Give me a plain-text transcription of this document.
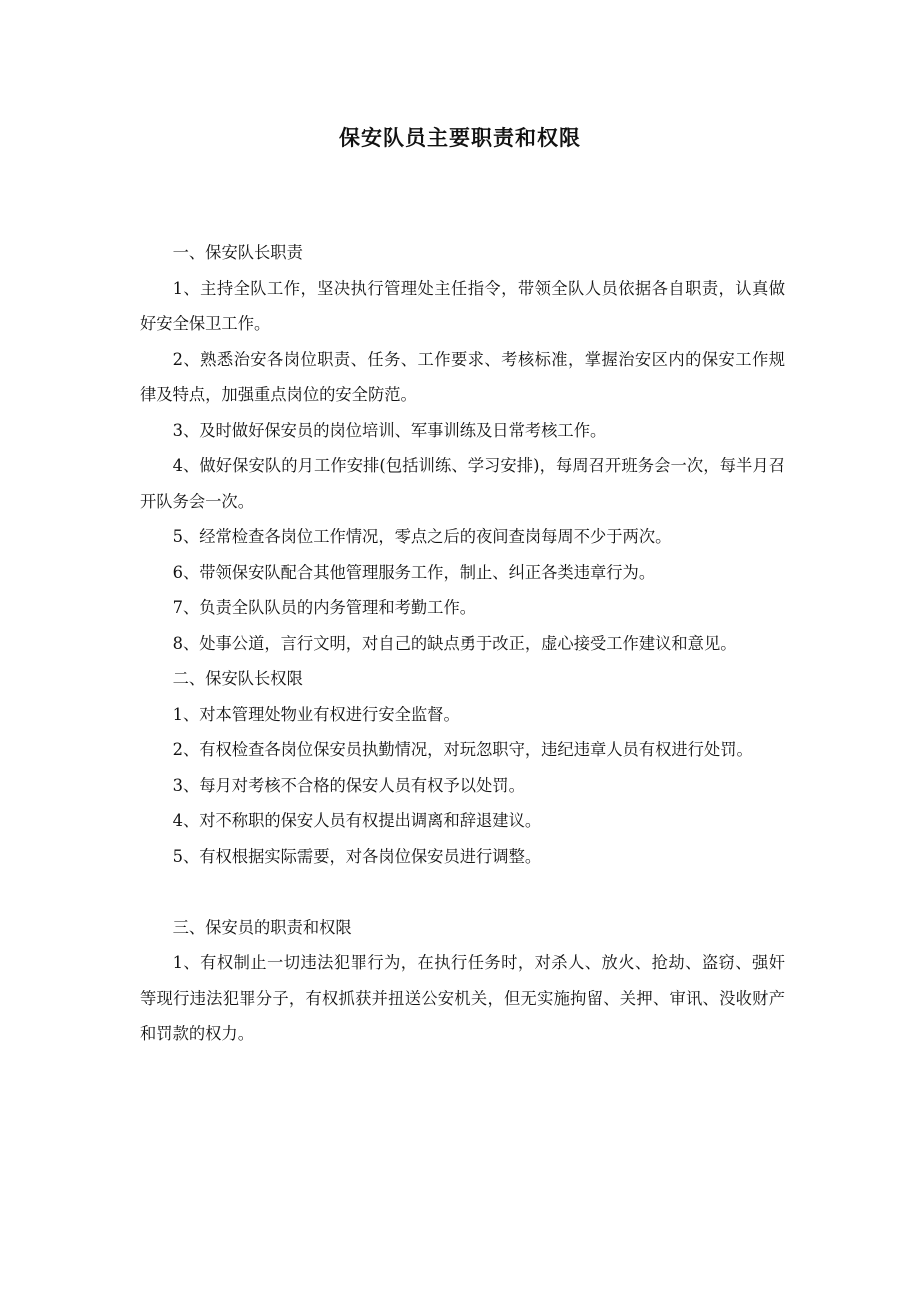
保安队员主要职责和权限

一、保安队长职责

1、主持全队工作，坚决执行管理处主任指令，带领全队人员依据各自职责，认真做好安全保卫工作。

2、熟悉治安各岗位职责、任务、工作要求、考核标准，掌握治安区内的保安工作规律及特点，加强重点岗位的安全防范。

3、及时做好保安员的岗位培训、军事训练及日常考核工作。

4、做好保安队的月工作安排(包括训练、学习安排)，每周召开班务会一次，每半月召开队务会一次。

5、经常检查各岗位工作情况，零点之后的夜间查岗每周不少于两次。

6、带领保安队配合其他管理服务工作，制止、纠正各类违章行为。

7、负责全队队员的内务管理和考勤工作。

8、处事公道，言行文明，对自己的缺点勇于改正，虚心接受工作建议和意见。

二、保安队长权限

1、对本管理处物业有权进行安全监督。

2、有权检查各岗位保安员执勤情况，对玩忽职守，违纪违章人员有权进行处罚。

3、每月对考核不合格的保安人员有权予以处罚。

4、对不称职的保安人员有权提出调离和辞退建议。

5、有权根据实际需要，对各岗位保安员进行调整。

三、保安员的职责和权限

1、有权制止一切违法犯罪行为，在执行任务时，对杀人、放火、抢劫、盗窃、强奸等现行违法犯罪分子，有权抓获并扭送公安机关，但无实施拘留、关押、审讯、没收财产和罚款的权力。
